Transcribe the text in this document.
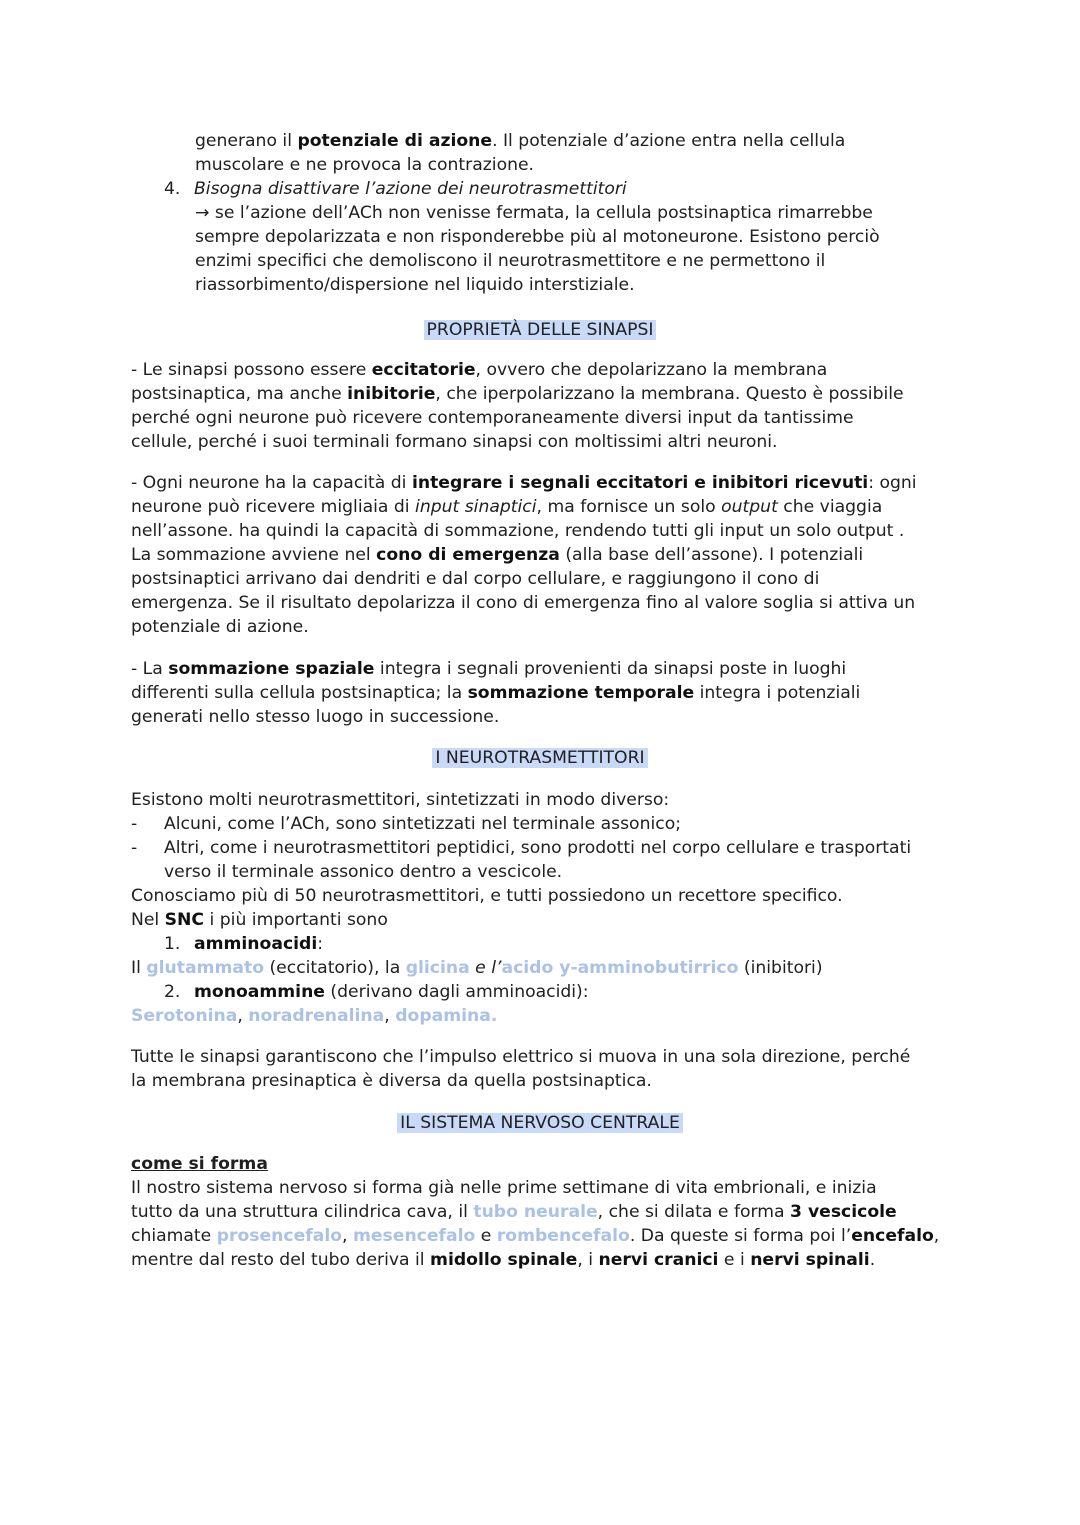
generano il potenziale di azione. Il potenziale d’azione entra nella cellula
muscolare e ne provoca la contrazione.
4. Bisogna disattivare l’azione dei neurotrasmettitori
→ se l’azione dell’ACh non venisse fermata, la cellula postsinaptica rimarrebbe
sempre depolarizzata e non risponderebbe più al motoneurone. Esistono perciò
enzimi specifici che demoliscono il neurotrasmettitore e ne permettono il
riassorbimento/dispersione nel liquido interstiziale.
PROPRIETÀ DELLE SINAPSI
- Le sinapsi possono essere eccitatorie, ovvero che depolarizzano la membrana
postsinaptica, ma anche inibitorie, che iperpolarizzano la membrana. Questo è possibile
perché ogni neurone può ricevere contemporaneamente diversi input da tantissime
cellule, perché i suoi terminali formano sinapsi con moltissimi altri neuroni.
- Ogni neurone ha la capacità di integrare i segnali eccitatori e inibitori ricevuti: ogni
neurone può ricevere migliaia di input sinaptici, ma fornisce un solo output che viaggia
nell’assone. ha quindi la capacità di sommazione, rendendo tutti gli input un solo output .
La sommazione avviene nel cono di emergenza (alla base dell’assone). I potenziali
postsinaptici arrivano dai dendriti e dal corpo cellulare, e raggiungono il cono di
emergenza. Se il risultato depolarizza il cono di emergenza fino al valore soglia si attiva un
potenziale di azione.
- La sommazione spaziale integra i segnali provenienti da sinapsi poste in luoghi
differenti sulla cellula postsinaptica; la sommazione temporale integra i potenziali
generati nello stesso luogo in successione.
I NEUROTRASMETTITORI
Esistono molti neurotrasmettitori, sintetizzati in modo diverso:
- Alcuni, come l’ACh, sono sintetizzati nel terminale assonico;
- Altri, come i neurotrasmettitori peptidici, sono prodotti nel corpo cellulare e trasportati
verso il terminale assonico dentro a vescicole.
Conosciamo più di 50 neurotrasmettitori, e tutti possiedono un recettore specifico.
Nel SNC i più importanti sono
1. amminoacidi:
Il glutammato (eccitatorio), la glicina e l’acido y-amminobutirrico (inibitori)
2. monoammine (derivano dagli amminoacidi):
Serotonina, noradrenalina, dopamina.
Tutte le sinapsi garantiscono che l’impulso elettrico si muova in una sola direzione, perché
la membrana presinaptica è diversa da quella postsinaptica.
IL SISTEMA NERVOSO CENTRALE
come si forma
Il nostro sistema nervoso si forma già nelle prime settimane di vita embrionali, e inizia
tutto da una struttura cilindrica cava, il tubo neurale, che si dilata e forma 3 vescicole
chiamate prosencefalo, mesencefalo e rombencefalo. Da queste si forma poi l’encefalo,
mentre dal resto del tubo deriva il midollo spinale, i nervi cranici e i nervi spinali.
